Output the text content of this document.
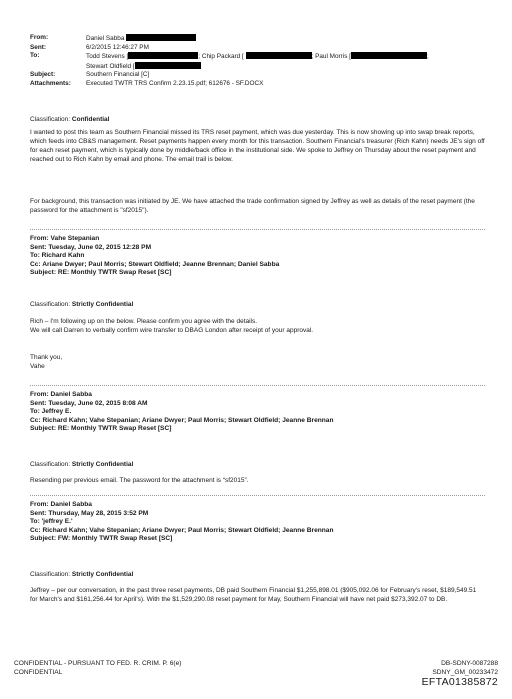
From:	Daniel Sabba
Sent:	6/2/2015 12:46:27 PM
To:	Todd Stevens [	; Chip Packard [	; Paul Morris [	;
Stewart Oldfield [
Subject:	Southern Financial [C]
Attachments:	Executed TWTR TRS Confirm 2.23.15.pdf; 612676 - SF.DOCX
Classification: Confidential
I wanted to post this team as Southern Financial missed its TRS reset payment, which was due yesterday. This is now showing up into swap break reports, which feeds into CB&S management. Reset payments happen every month for this transaction. Southern Financial's treasurer (Rich Kahn) needs JE's sign off for each reset payment, which is typically done by middle/back office in the institutional side. We spoke to Jeffrey on Thursday about the reset payment and reached out to Rich Kahn by email and phone. The email trail is below.
For background, this transaction was initiated by JE. We have attached the trade confirmation signed by Jeffrey as well as details of the reset payment (the password for the attachment is "sf2015").
From: Vahe Stepanian
Sent: Tuesday, June 02, 2015 12:28 PM
To: Richard Kahn
Cc: Ariane Dwyer; Paul Morris; Stewart Oldfield; Jeanne Brennan; Daniel Sabba
Subject: RE: Monthly TWTR Swap Reset [SC]
Classification: Strictly Confidential
Rich – I'm following up on the below. Please confirm you agree with the details.
We will call Darren to verbally confirm wire transfer to DBAG London after receipt of your approval.
Thank you,
Vahe
From: Daniel Sabba
Sent: Tuesday, June 02, 2015 8:08 AM
To: Jeffrey E.
Cc: Richard Kahn; Vahe Stepanian; Ariane Dwyer; Paul Morris; Stewart Oldfield; Jeanne Brennan
Subject: RE: Monthly TWTR Swap Reset [SC]
Classification: Strictly Confidential
Resending per previous email. The password for the attachment is “sf2015”.
From: Daniel Sabba
Sent: Thursday, May 28, 2015 3:52 PM
To: 'jeffrey E.'
Cc: Richard Kahn; Vahe Stepanian; Ariane Dwyer; Paul Morris; Stewart Oldfield; Jeanne Brennan
Subject: FW: Monthly TWTR Swap Reset [SC]
Classification: Strictly Confidential
Jeffrey – per our conversation, in the past three reset payments, DB paid Southern Financial $1,255,898.01 ($905,092.06 for February's reset, $189,549.51 for March's and $161,256.44 for April's). With the $1,529,290.08 reset payment for May, Southern Financial will have net paid $273,392.07 to DB.
CONFIDENTIAL - PURSUANT TO FED. R. CRIM. P. 6(e)
CONFIDENTIAL
DB-SDNY-0087288
SDNY_GM_00233472
EFTA01385872
